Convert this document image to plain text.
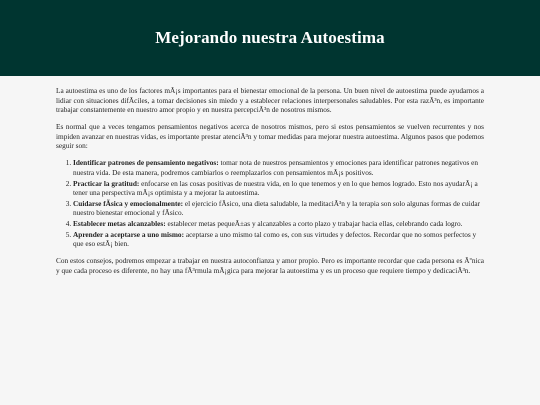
Mejorando nuestra Autoestima

La autoestima es uno de los factores mÃ¡s importantes para el bienestar emocional de la persona. Un buen nivel de autoestima puede ayudarnos a lidiar con situaciones difÃciles, a tomar decisiones sin miedo y a establecer relaciones interpersonales saludables. Por esta razÃ³n, es importante trabajar constantemente en nuestro amor propio y en nuestra percepciÃ³n de nosotros mismos.

Es normal que a veces tengamos pensamientos negativos acerca de nosotros mismos, pero si estos pensamientos se vuelven recurrentes y nos impiden avanzar en nuestras vidas, es importante prestar atenciÃ³n y tomar medidas para mejorar nuestra autoestima. Algunos pasos que podemos seguir son:

1. Identificar patrones de pensamiento negativos: tomar nota de nuestros pensamientos y emociones para identificar patrones negativos en nuestra vida. De esta manera, podremos cambiarlos o reemplazarlos con pensamientos mÃ¡s positivos.
2. Practicar la gratitud: enfocarse en las cosas positivas de nuestra vida, en lo que tenemos y en lo que hemos logrado. Esto nos ayudarÃ¡ a tener una perspectiva mÃ¡s optimista y a mejorar la autoestima.
3. Cuidarse fÃsica y emocionalmente: el ejercicio fÃsico, una dieta saludable, la meditaciÃ³n y la terapia son solo algunas formas de cuidar nuestro bienestar emocional y fÃsico.
4. Establecer metas alcanzables: establecer metas pequeÃ±as y alcanzables a corto plazo y trabajar hacia ellas, celebrando cada logro.
5. Aprender a aceptarse a uno mismo: aceptarse a uno mismo tal como es, con sus virtudes y defectos. Recordar que no somos perfectos y que eso estÃ¡ bien.

Con estos consejos, podremos empezar a trabajar en nuestra autoconfianza y amor propio. Pero es importante recordar que cada persona es Ãºnica y que cada proceso es diferente, no hay una fÃ³rmula mÃ¡gica para mejorar la autoestima y es un proceso que requiere tiempo y dedicaciÃ³n.
